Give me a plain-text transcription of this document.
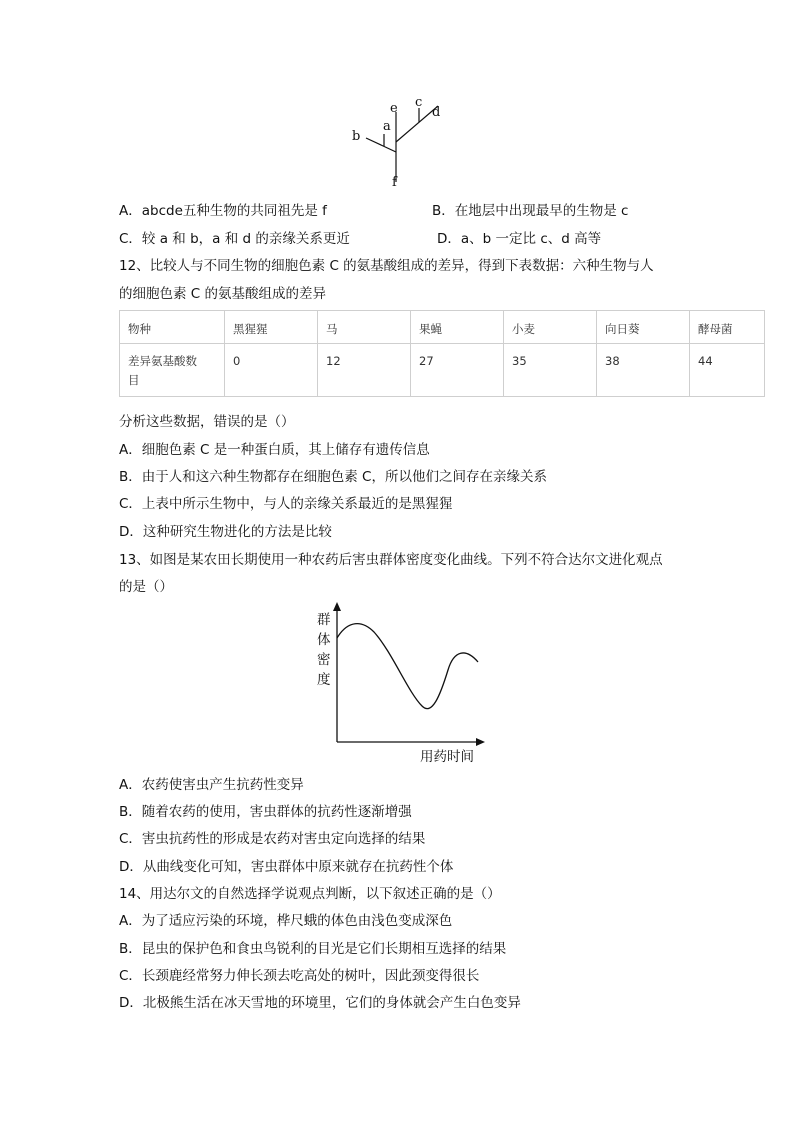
e c
d
a
b
f
A．abcde五种生物的共同祖先是 f	B．在地层中出现最早的生物是 c
C．较 a 和 b，a 和 d 的亲缘关系更近	D．a、b 一定比 c、d 高等
12、比较人与不同生物的细胞色素 C 的氨基酸组成的差异，得到下表数据：六种生物与人
的细胞色素 C 的氨基酸组成的差异
物种	黑猩猩	马	果蝇	小麦	向日葵	酵母菌
差异氨基酸数
目	0	12	27	35	38	44
分析这些数据，错误的是（）
A．细胞色素 C 是一种蛋白质，其上储存有遗传信息
B．由于人和这六种生物都存在细胞色素 C，所以他们之间存在亲缘关系
C．上表中所示生物中，与人的亲缘关系最近的是黑猩猩
D．这种研究生物进化的方法是比较
13、如图是某农田长期使用一种农药后害虫群体密度变化曲线。下列不符合达尔文进化观点
的是（）
群
体
密
度
用药时间
A．农药使害虫产生抗药性变异
B．随着农药的使用，害虫群体的抗药性逐渐增强
C．害虫抗药性的形成是农药对害虫定向选择的结果
D．从曲线变化可知，害虫群体中原来就存在抗药性个体
14、用达尔文的自然选择学说观点判断，以下叙述正确的是（）
A．为了适应污染的环境，桦尺蛾的体色由浅色变成深色
B．昆虫的保护色和食虫鸟锐利的目光是它们长期相互选择的结果
C．长颈鹿经常努力伸长颈去吃高处的树叶，因此颈变得很长
D．北极熊生活在冰天雪地的环境里，它们的身体就会产生白色变异
